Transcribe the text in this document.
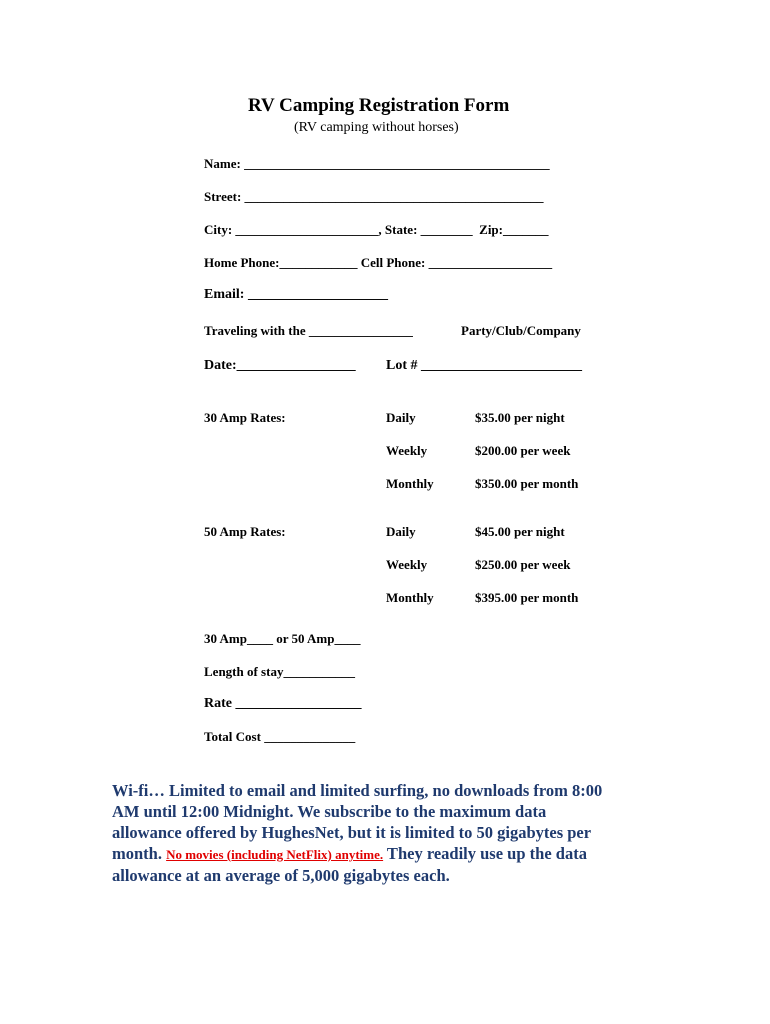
RV Camping Registration Form
(RV camping without horses)
Name: _______________________________________________
Street: ______________________________________________
City: ______________________, State: ________  Zip:_______
Home Phone:____________ Cell Phone: ___________________
Email: ____________________
Traveling with the ________________	Party/Club/Company
Date:_________________ Lot # _______________________
30 Amp Rates:	Daily	$35.00 per night
Weekly	$200.00 per week
Monthly	$350.00 per month
50 Amp Rates:	Daily	$45.00 per night
Weekly	$250.00 per week
Monthly	$395.00 per month
30 Amp____ or 50 Amp____
Length of stay___________
Rate __________________
Total Cost ______________

Wi-fi… Limited to email and limited surfing, no downloads from 8:00

AM until 12:00 Midnight. We subscribe to the maximum data

allowance offered by HughesNet, but it is limited to 50 gigabytes per

month. No movies (including NetFlix) anytime. They readily use up the data

allowance at an average of 5,000 gigabytes each.
